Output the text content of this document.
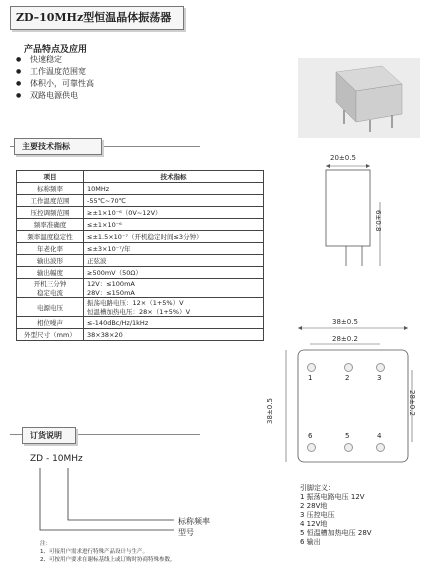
ZD–10MHz型恒温晶体振荡器
产品特点及应用
● 快速稳定
● 工作温度范围宽
● 体积小，可靠性高
● 双路电源供电
主要技术指标
项目	技术指标
标称频率	10MHz
工作温度范围	-55℃~70℃
压控调频范围	≥±1×10⁻⁶（0V~12V）
频率准确度	≤±1×10⁻⁶
频率温度稳定性	≤±1.5×10⁻⁷（开机稳定时间≤3分钟）
年老化率	≤±3×10⁻⁷/年
输出波形	正弦波
输出幅度	≥500mV（50Ω）
开机三分钟
稳定电流	12V：≤100mA
28V：≤150mA
电源电压	振荡电路电压：12×（1+5%）V
恒温槽加热电压：28×（1+5%）V
相位噪声	≤-140dBc/Hz/1kHz
外型尺寸（mm）	38×38×20
20±0.5
6±0.8
38±0.5
28±0.2
38±0.5	28±0.2
1	2	3
6	5	4
引脚定义：
1 振荡电路电压 12V
2 28V地
3 压控电压
4 12V地
5 恒温槽加热电压 28V
6 输出
订货说明
ZD - 10MHz
标称频率
型号
注：
1、可接用户需求进行特殊产品设计与生产。
2、可按用户要求在谢标基线上或订购时协商特殊参数。
